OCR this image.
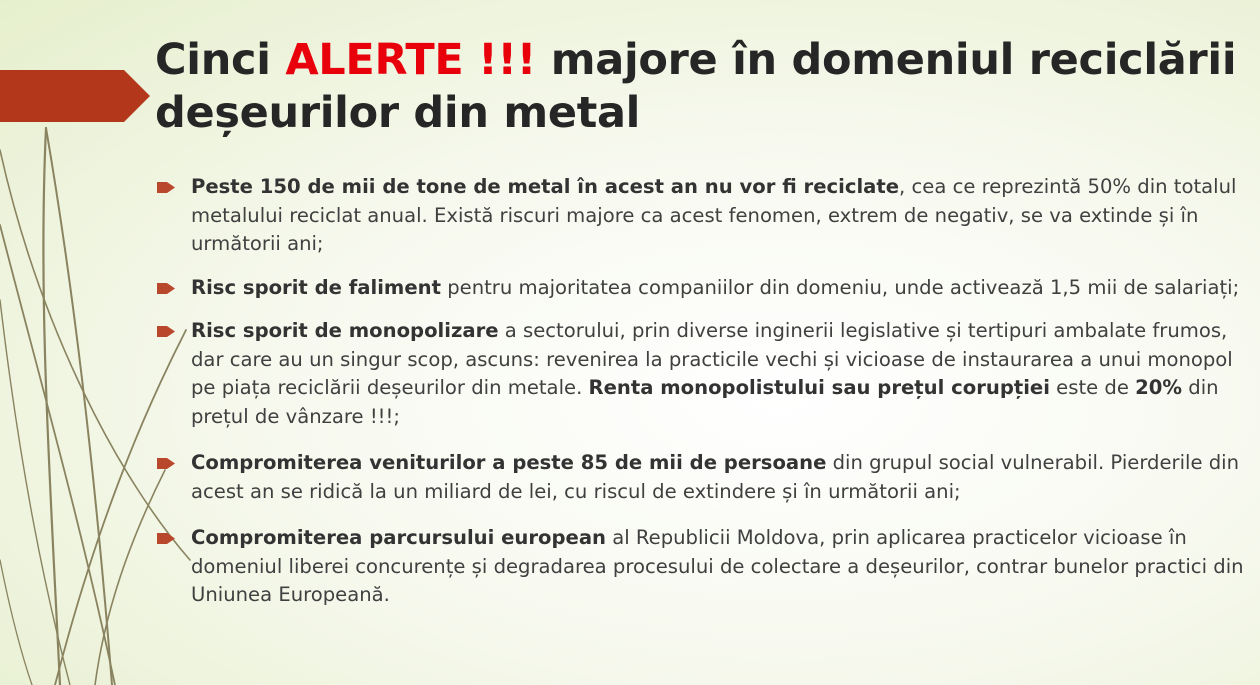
Cinci ALERTE !!! majore în domeniul reciclării deșeurilor din metal
Peste 150 de mii de tone de metal în acest an nu vor fi reciclate, cea ce reprezintă 50% din totalul metalului reciclat anual. Există riscuri majore ca acest fenomen, extrem de negativ, se va extinde și în următorii ani;
Risc sporit de faliment pentru majoritatea companiilor din domeniu, unde activează 1,5 mii de salariați;
Risc sporit de monopolizare a sectorului, prin diverse inginerii legislative și tertipuri ambalate frumos, dar care au un singur scop, ascuns: revenirea la practicile vechi și vicioase de instaurarea a unui monopol pe piața reciclării deșeurilor din metale. Renta monopolistului sau prețul corupției este de 20% din prețul de vânzare !!!;
Compromiterea veniturilor a peste 85 de mii de persoane din grupul social vulnerabil. Pierderile din acest an se ridică la un miliard de lei, cu riscul de extindere și în următorii ani;
Compromiterea parcursului european al Republicii Moldova, prin aplicarea practicelor vicioase în domeniul liberei concurențe și degradarea procesului de colectare a deșeurilor, contrar bunelor practici din Uniunea Europeană.
